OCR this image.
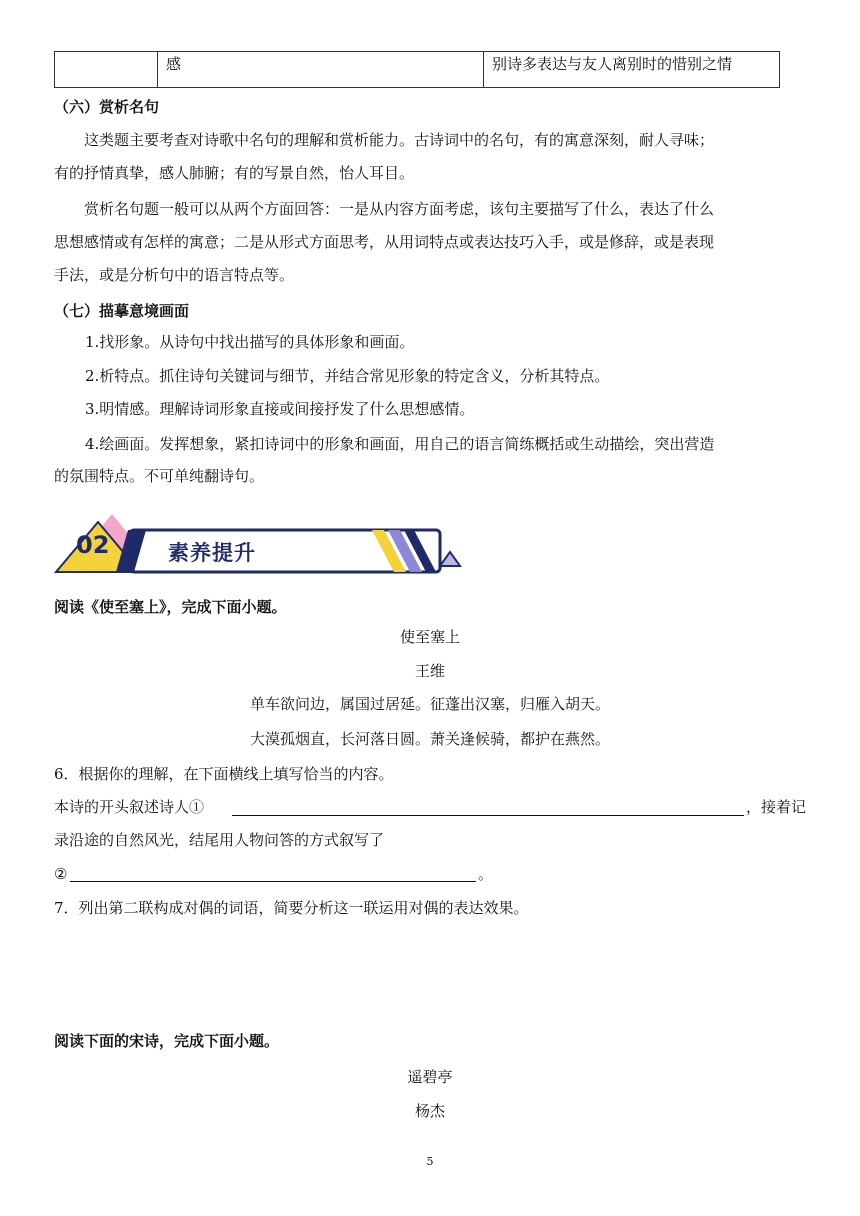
	感	别诗多表达与友人离别时的惜别之情
（六）赏析名句
这类题主要考查对诗歌中名句的理解和赏析能力。古诗词中的名句，有的寓意深刻，耐人寻味；
有的抒情真挚，感人肺腑；有的写景自然，怡人耳目。
赏析名句题一般可以从两个方面回答：一是从内容方面考虑，该句主要描写了什么，表达了什么
思想感情或有怎样的寓意；二是从形式方面思考，从用词特点或表达技巧入手，或是修辞，或是表现
手法，或是分析句中的语言特点等。
（七）描摹意境画面
1.找形象。从诗句中找出描写的具体形象和画面。
2.析特点。抓住诗句关键词与细节，并结合常见形象的特定含义，分析其特点。
3.明情感。理解诗词形象直接或间接抒发了什么思想感情。
4.绘画面。发挥想象，紧扣诗词中的形象和画面，用自己的语言简练概括或生动描绘，突出营造
的氛围特点。不可单纯翻诗句。
02	素养提升
阅读《使至塞上》，完成下面小题。
使至塞上
王维
单车欲问边，属国过居延。征蓬出汉塞，归雁入胡天。
大漠孤烟直，长河落日圆。萧关逢候骑，都护在燕然。
6．根据你的理解，在下面横线上填写恰当的内容。
本诗的开头叙述诗人①	，接着记
录沿途的自然风光，结尾用人物问答的方式叙写了
②	。
7．列出第二联构成对偶的词语，简要分析这一联运用对偶的表达效果。
阅读下面的宋诗，完成下面小题。
遥碧亭
杨杰
5
